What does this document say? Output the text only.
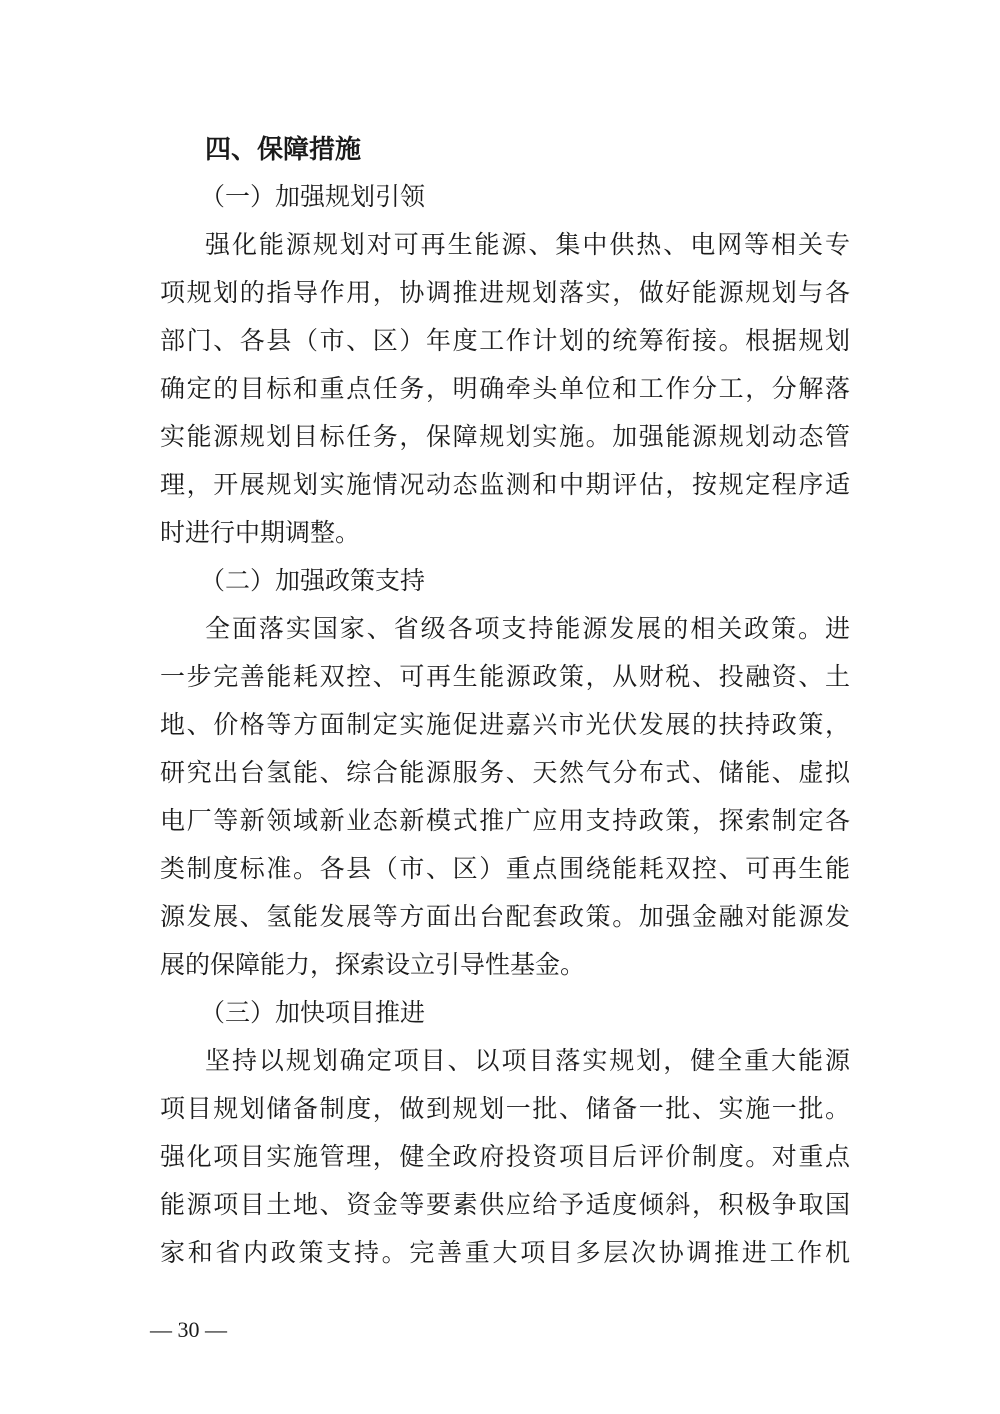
四、保障措施
（一）加强规划引领
强化能源规划对可再生能源、集中供热、电网等相关专
项规划的指导作用，协调推进规划落实，做好能源规划与各
部门、各县（市、区）年度工作计划的统筹衔接。根据规划
确定的目标和重点任务，明确牵头单位和工作分工，分解落
实能源规划目标任务，保障规划实施。加强能源规划动态管
理，开展规划实施情况动态监测和中期评估，按规定程序适
时进行中期调整。
（二）加强政策支持
全面落实国家、省级各项支持能源发展的相关政策。进
一步完善能耗双控、可再生能源政策，从财税、投融资、土
地、价格等方面制定实施促进嘉兴市光伏发展的扶持政策，
研究出台氢能、综合能源服务、天然气分布式、储能、虚拟
电厂等新领域新业态新模式推广应用支持政策，探索制定各
类制度标准。各县（市、区）重点围绕能耗双控、可再生能
源发展、氢能发展等方面出台配套政策。加强金融对能源发
展的保障能力，探索设立引导性基金。
（三）加快项目推进
坚持以规划确定项目、以项目落实规划，健全重大能源
项目规划储备制度，做到规划一批、储备一批、实施一批。
强化项目实施管理，健全政府投资项目后评价制度。对重点
能源项目土地、资金等要素供应给予适度倾斜，积极争取国
家和省内政策支持。完善重大项目多层次协调推进工作机
— 30 —
